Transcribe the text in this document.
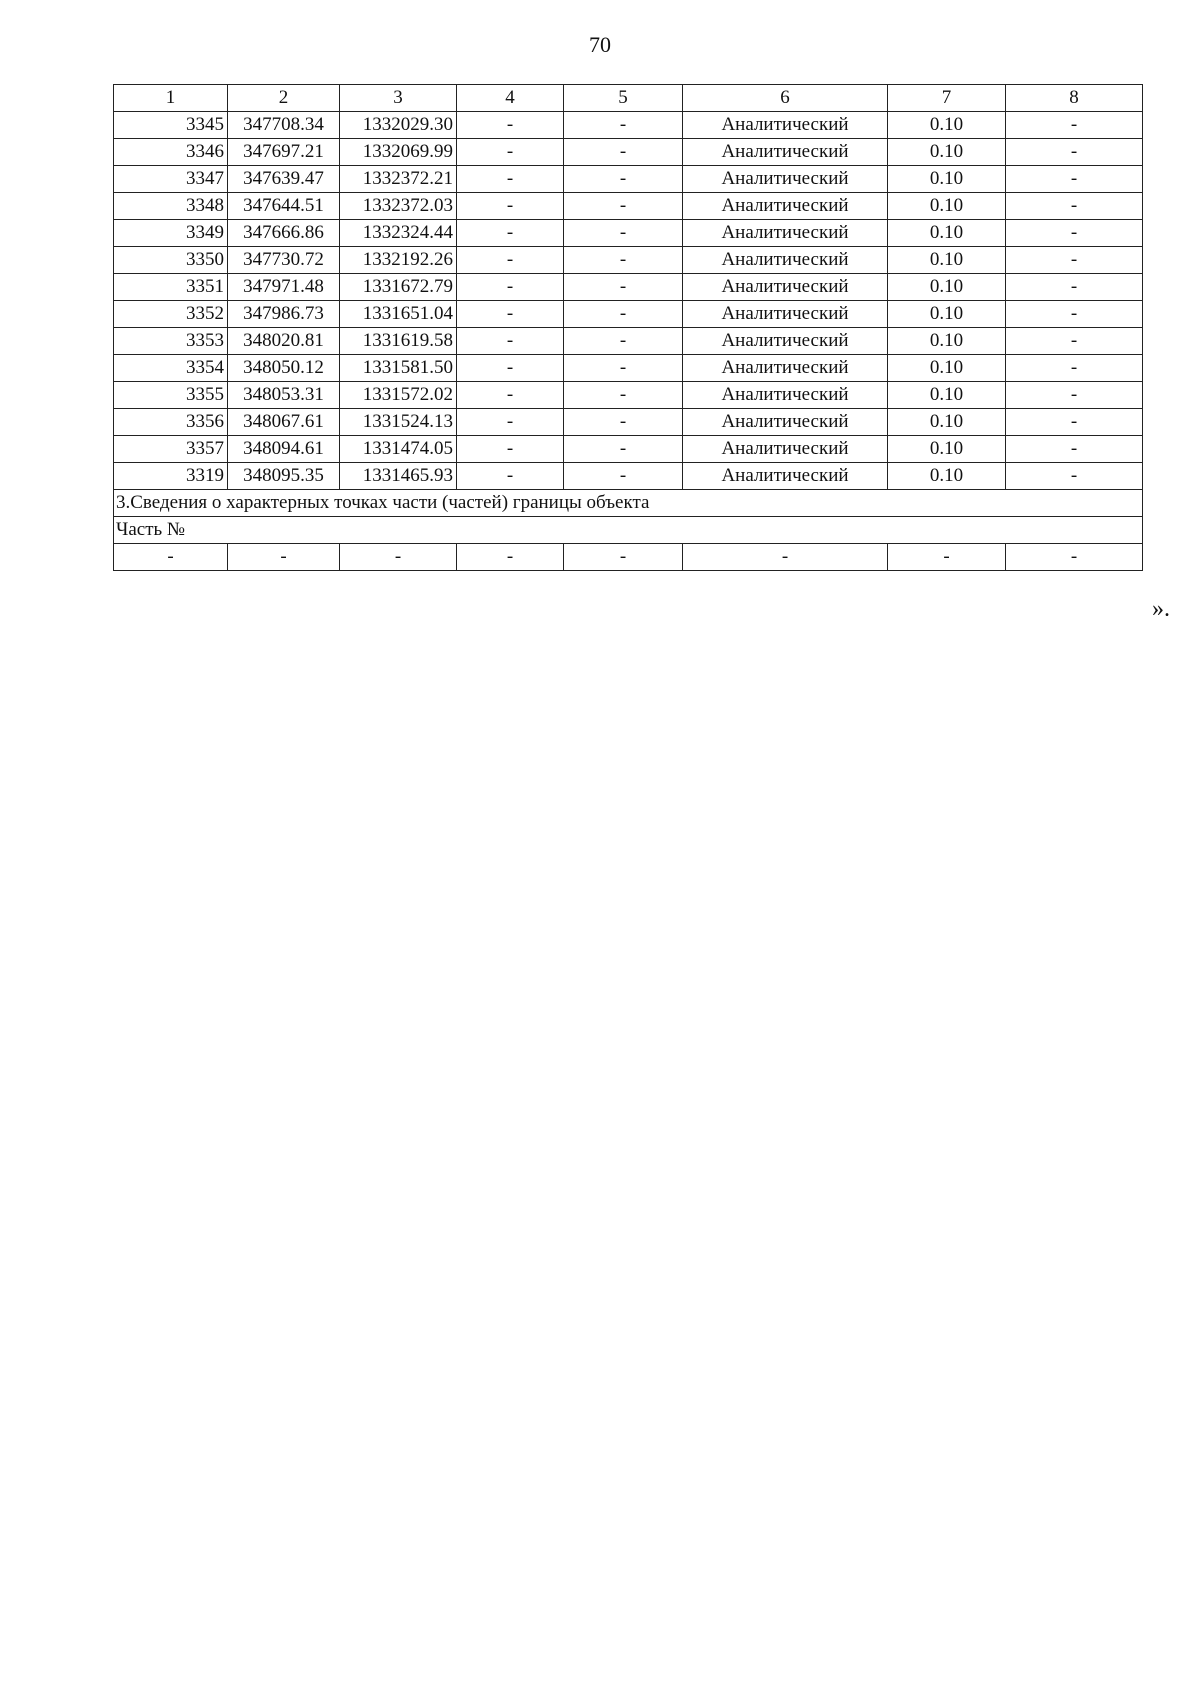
70
1	2	3	4	5	6	7	8
3345	347708.34	1332029.30	-	-	Аналитический	0.10	-
3346	347697.21	1332069.99	-	-	Аналитический	0.10	-
3347	347639.47	1332372.21	-	-	Аналитический	0.10	-
3348	347644.51	1332372.03	-	-	Аналитический	0.10	-
3349	347666.86	1332324.44	-	-	Аналитический	0.10	-
3350	347730.72	1332192.26	-	-	Аналитический	0.10	-
3351	347971.48	1331672.79	-	-	Аналитический	0.10	-
3352	347986.73	1331651.04	-	-	Аналитический	0.10	-
3353	348020.81	1331619.58	-	-	Аналитический	0.10	-
3354	348050.12	1331581.50	-	-	Аналитический	0.10	-
3355	348053.31	1331572.02	-	-	Аналитический	0.10	-
3356	348067.61	1331524.13	-	-	Аналитический	0.10	-
3357	348094.61	1331474.05	-	-	Аналитический	0.10	-
3319	348095.35	1331465.93	-	-	Аналитический	0.10	-
3.Сведения о характерных точках части (частей) границы объекта							
Часть №							
-	-	-	-	-	-	-	-
».
